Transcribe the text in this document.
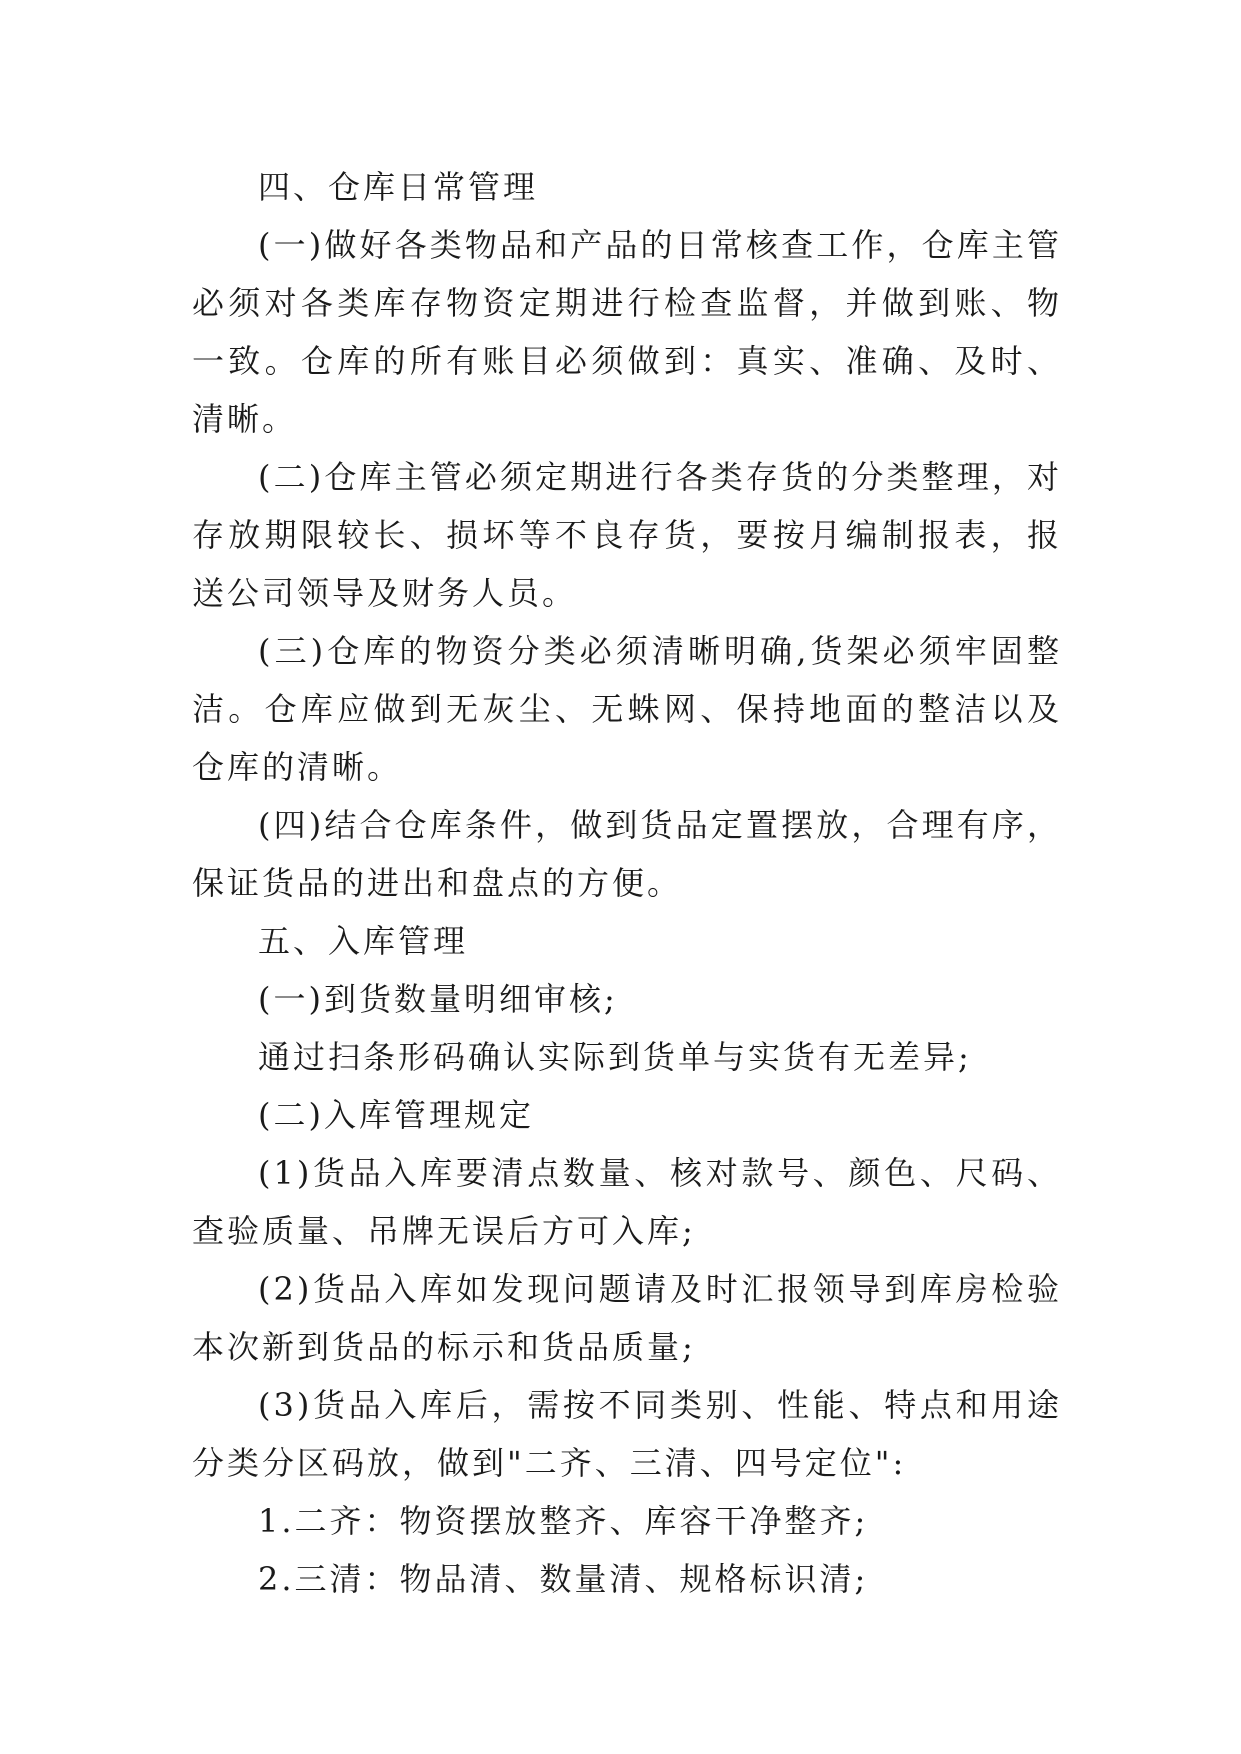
四、仓库日常管理

(一)做好各类物品和产品的日常核查工作，仓库主管必须对各类库存物资定期进行检查监督，并做到账、物一致。仓库的所有账目必须做到：真实、准确、及时、清晰。

(二)仓库主管必须定期进行各类存货的分类整理，对存放期限较长、损坏等不良存货，要按月编制报表，报送公司领导及财务人员。

(三)仓库的物资分类必须清晰明确,货架必须牢固整洁。仓库应做到无灰尘、无蛛网、保持地面的整洁以及仓库的清晰。

(四)结合仓库条件，做到货品定置摆放，合理有序，保证货品的进出和盘点的方便。

五、入库管理

(一)到货数量明细审核;

通过扫条形码确认实际到货单与实货有无差异;

(二)入库管理规定

(1)货品入库要清点数量、核对款号、颜色、尺码、查验质量、吊牌无误后方可入库;

(2)货品入库如发现问题请及时汇报领导到库房检验本次新到货品的标示和货品质量;

(3)货品入库后，需按不同类别、性能、特点和用途分类分区码放，做到"二齐、三清、四号定位":

1.二齐：物资摆放整齐、库容干净整齐;

2.三清：物品清、数量清、规格标识清;
